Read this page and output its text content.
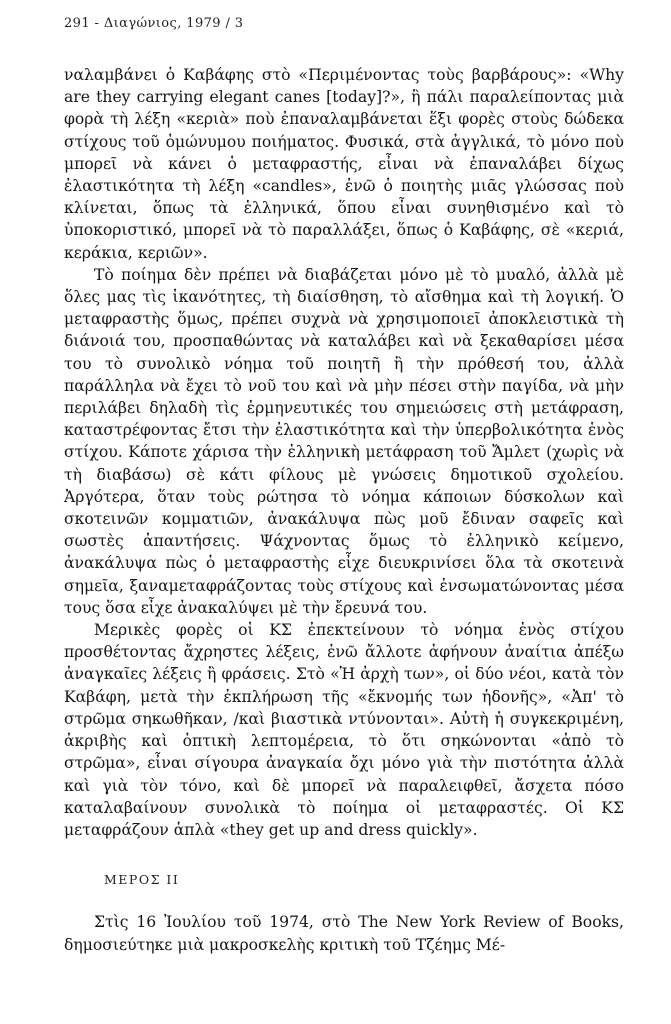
291 - Διαγώνιος, 1979 / 3

ναλαμβάνει ὁ Καβάφης στὸ «Περιμένοντας τοὺς βαρβάρους»: «Why are they carrying elegant canes [today]?», ἢ πάλι παραλείποντας μιὰ φορὰ τὴ λέξη «κεριὰ» ποὺ ἐπαναλαμβάνεται ἕξι φορὲς στοὺς δώδεκα στίχους τοῦ ὁμώνυμου ποιήματος. Φυσικά, στὰ ἀγγλικά, τὸ μόνο ποὺ μπορεῖ νὰ κάνει ὁ μεταφραστής, εἶναι νὰ ἐπαναλάβει δίχως ἐλαστικότητα τὴ λέξη «candles», ἐνῶ ὁ ποιητὴς μιᾶς γλώσσας ποὺ κλίνεται, ὅπως τὰ ἑλληνικά, ὅπου εἶναι συνηθισμένο καὶ τὸ ὑποκοριστικό, μπορεῖ νὰ τὸ παραλλάξει, ὅπως ὁ Καβάφης, σὲ «κεριά, κεράκια, κεριῶν».

Τὸ ποίημα δὲν πρέπει νὰ διαβάζεται μόνο μὲ τὸ μυαλό, ἀλλὰ μὲ ὅλες μας τὶς ἱκανότητες, τὴ διαίσθηση, τὸ αἴσθημα καὶ τὴ λογική. Ὁ μεταφραστὴς ὅμως, πρέπει συχνὰ νὰ χρησιμοποιεῖ ἀποκλειστικὰ τὴ διάνοιά του, προσπαθώντας νὰ καταλάβει καὶ νὰ ξεκαθαρίσει μέσα του τὸ συνολικὸ νόημα τοῦ ποιητῆ ἢ τὴν πρόθεσή του, ἀλλὰ παράλληλα νὰ ἔχει τὸ νοῦ του καὶ νὰ μὴν πέσει στὴν παγίδα, νὰ μὴν περιλάβει δηλαδὴ τὶς ἑρμηνευτικές του σημειώσεις στὴ μετάφραση, καταστρέφοντας ἔτσι τὴν ἐλαστικότητα καὶ τὴν ὑπερβολικότητα ἑνὸς στίχου. Κάποτε χάρισα τὴν ἑλληνικὴ μετάφραση τοῦ Ἄμλετ (χωρὶς νὰ τὴ διαβάσω) σὲ κάτι φίλους μὲ γνώσεις δημοτικοῦ σχολείου. Ἀργότερα, ὅταν τοὺς ρώτησα τὸ νόημα κάποιων δύσκολων καὶ σκοτεινῶν κομματιῶν, ἀνακάλυψα πὼς μοῦ ἔδιναν σαφεῖς καὶ σωστὲς ἀπαντήσεις. Ψάχνοντας ὅμως τὸ ἑλληνικὸ κείμενο, ἀνακάλυψα πὼς ὁ μεταφραστὴς εἶχε διευκρινίσει ὅλα τὰ σκοτεινὰ σημεῖα, ξαναμεταφράζοντας τοὺς στίχους καὶ ἐνσωματώνοντας μέσα τους ὅσα εἶχε ἀνακαλύψει μὲ τὴν ἔρευνά του.

Μερικὲς φορὲς οἱ ΚΣ ἐπεκτείνουν τὸ νόημα ἑνὸς στίχου προσθέτοντας ἄχρηστες λέξεις, ἐνῶ ἄλλοτε ἀφήνουν ἀναίτια ἀπέξω ἀναγκαῖες λέξεις ἢ φράσεις. Στὸ «Ἡ ἀρχὴ των», οἱ δύο νέοι, κατὰ τὸν Καβάφη, μετὰ τὴν ἐκπλήρωση τῆς «ἔκνομής των ἡδονῆς», «Ἀπ' τὸ στρῶμα σηκωθῆκαν, /καὶ βιαστικὰ ντύνονται». Αὐτὴ ἡ συγκεκριμένη, ἀκριβὴς καὶ ὀπτικὴ λεπτομέρεια, τὸ ὅτι σηκώνονται «ἀπὸ τὸ στρῶμα», εἶναι σίγουρα ἀναγκαία ὄχι μόνο γιὰ τὴν πιστότητα ἀλλὰ καὶ γιὰ τὸν τόνο, καὶ δὲ μπορεῖ νὰ παραλειφθεῖ, ἄσχετα πόσο καταλαβαίνουν συνολικὰ τὸ ποίημα οἱ μεταφραστές. Οἱ ΚΣ μεταφράζουν ἁπλὰ «they get up and dress quickly».

ΜΕΡΟΣ ΙΙ

Στὶς 16 Ἰουλίου τοῦ 1974, στὸ The New York Review of Books, δημοσιεύτηκε μιὰ μακροσκελὴς κριτικὴ τοῦ Τζέημς Μέ-
